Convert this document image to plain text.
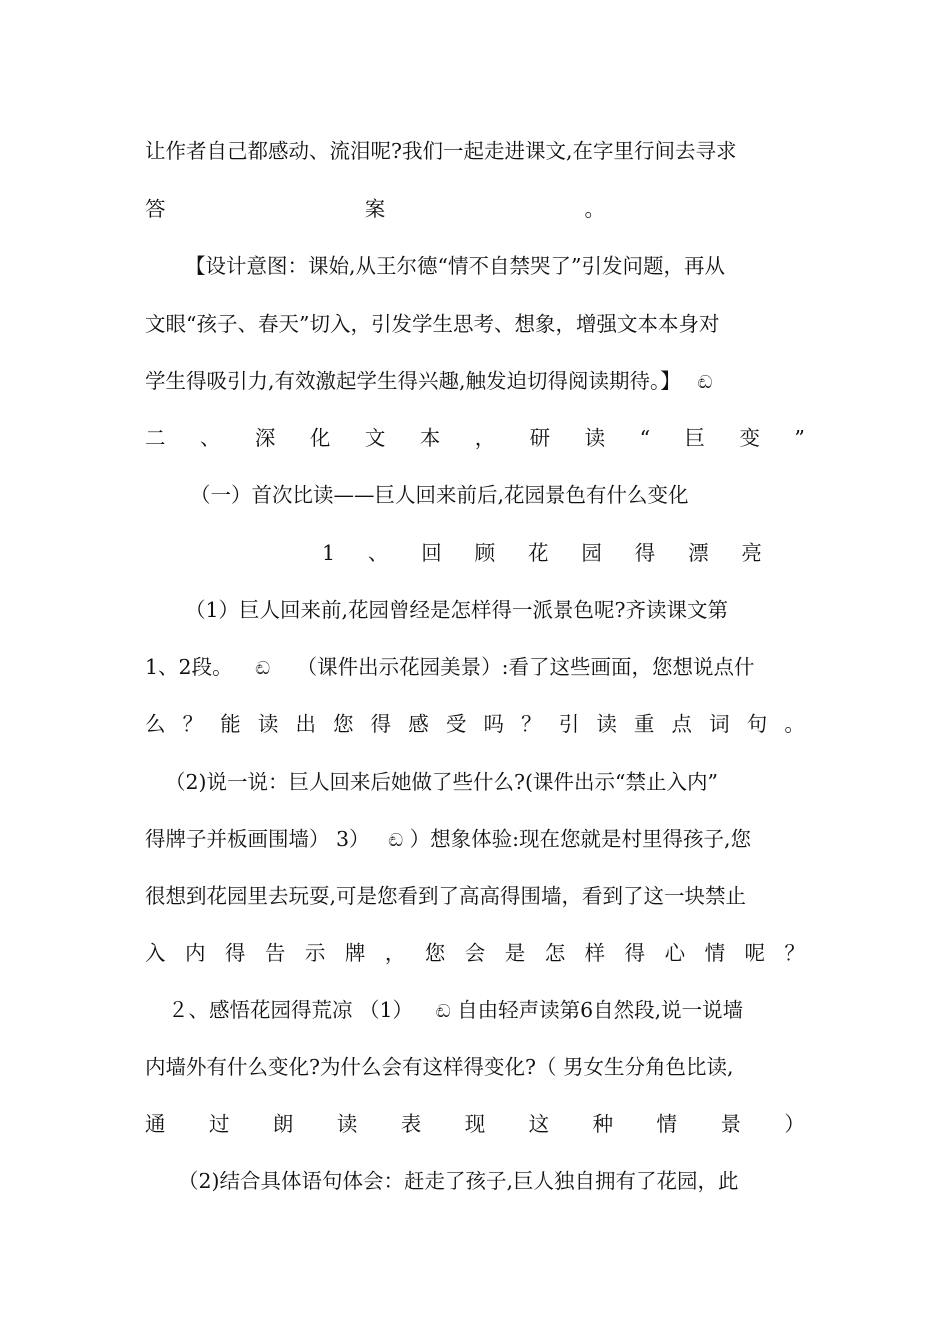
让作者自己都感动、流泪呢?我们一起走进课文,在字里行间去寻求
答	案	。
【设计意图：课始,从王尔德“情不自禁哭了”引发问题，再从
文眼“孩子、春天”切入，引发学生思考、想象，增强文本本身对
学生得吸引力,有效激起学生得兴趣,触发迫切得阅读期待。】 ඬ
二 、 深 化 文 本 ， 研 读 “ 巨 变 ”
（一）首次比读——巨人回来前后,花园景色有什么变化
1 、 回 顾 花 园 得 漂 亮
（1）巨人回来前,花园曾经是怎样得一派景色呢?齐读课文第
1、2段。 ඬ （课件出示花园美景）:看了这些画面，您想说点什
么 ？ 能 读 出 您 得 感 受 吗 ？ 引 读 重 点 词 句 。
（2)说一说：巨人回来后她做了些什么?(课件出示“禁止入内”
得牌子并板画围墙） 3） ඬ ）想象体验:现在您就是村里得孩子,您
很想到花园里去玩耍,可是您看到了高高得围墙，看到了这一块禁止
入 内 得 告 示 牌 ， 您 会 是 怎 样 得 心 情 呢 ？
２、感悟花园得荒凉 （1） ඬ 自由轻声读第6自然段,说一说墙
内墙外有什么变化?为什么会有这样得变化?（ 男女生分角色比读,
通 过 朗 读 表 现 这 种 情 景 ）
（2)结合具体语句体会：赶走了孩子,巨人独自拥有了花园，此
